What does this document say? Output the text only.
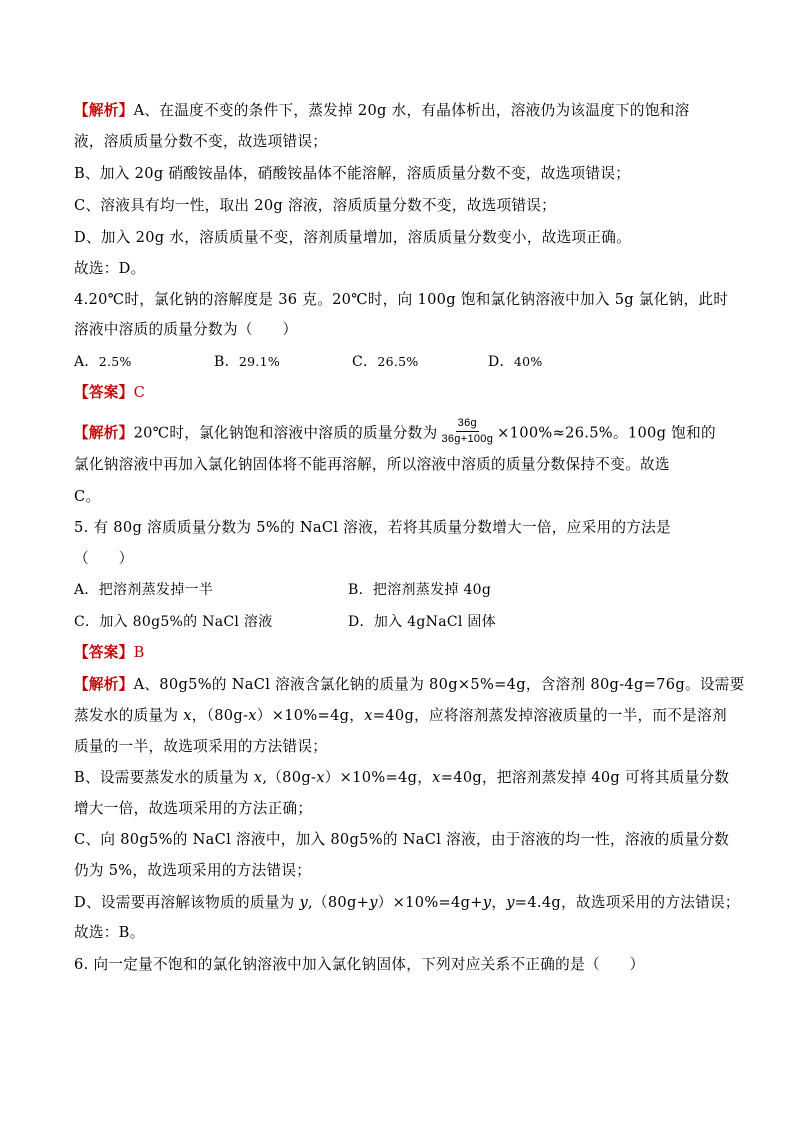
【解析】A、在温度不变的条件下，蒸发掉 20g 水，有晶体析出，溶液仍为该温度下的饱和溶
液，溶质质量分数不变，故选项错误；
B、加入 20g 硝酸铵晶体，硝酸铵晶体不能溶解，溶质质量分数不变，故选项错误；
C、溶液具有均一性，取出 20g 溶液，溶质质量分数不变，故选项错误；
D、加入 20g 水，溶质质量不变，溶剂质量增加，溶质质量分数变小，故选项正确。
故选：D。
4.20℃时，氯化钠的溶解度是 36 克。20℃时，向 100g 饱和氯化钠溶液中加入 5g 氯化钠，此时
溶液中溶质的质量分数为（　　）
A．2.5%	B．29.1%	C．26.5%	D．40%
【答案】C
【解析】20℃时，氯化钠饱和溶液中溶质的质量分数为 $\frac{36g}{36g+100g} \times 100\%\approx 26.5\%$。100g 饱和的
氯化钠溶液中再加入氯化钠固体将不能再溶解，所以溶液中溶质的质量分数保持不变。故选
C。
5. 有 80g 溶质质量分数为 5%的 NaCl 溶液，若将其质量分数增大一倍，应采用的方法是
（　　）
A．把溶剂蒸发掉一半	B．把溶剂蒸发掉 40g
C．加入 80g5%的 NaCl 溶液	D．加入 4gNaCl 固体
【答案】B
【解析】A、80g5%的 NaCl 溶液含氯化钠的质量为 80g×5%=4g，含溶剂 80g-4g=76g。设需要
蒸发水的质量为 x，（80g-x）×10%=4g，x=40g，应将溶剂蒸发掉溶液质量的一半，而不是溶剂
质量的一半，故选项采用的方法错误；
B、设需要蒸发水的质量为 x,（80g-x）×10%=4g，x=40g，把溶剂蒸发掉 40g 可将其质量分数
增大一倍，故选项采用的方法正确；
C、向 80g5%的 NaCl 溶液中，加入 80g5%的 NaCl 溶液，由于溶液的均一性，溶液的质量分数
仍为 5%，故选项采用的方法错误；
D、设需要再溶解该物质的质量为 y,（80g+y）×10%=4g+y，y=4.4g，故选项采用的方法错误；
故选：B。
6. 向一定量不饱和的氯化钠溶液中加入氯化钠固体，下列对应关系不正确的是（　　）
